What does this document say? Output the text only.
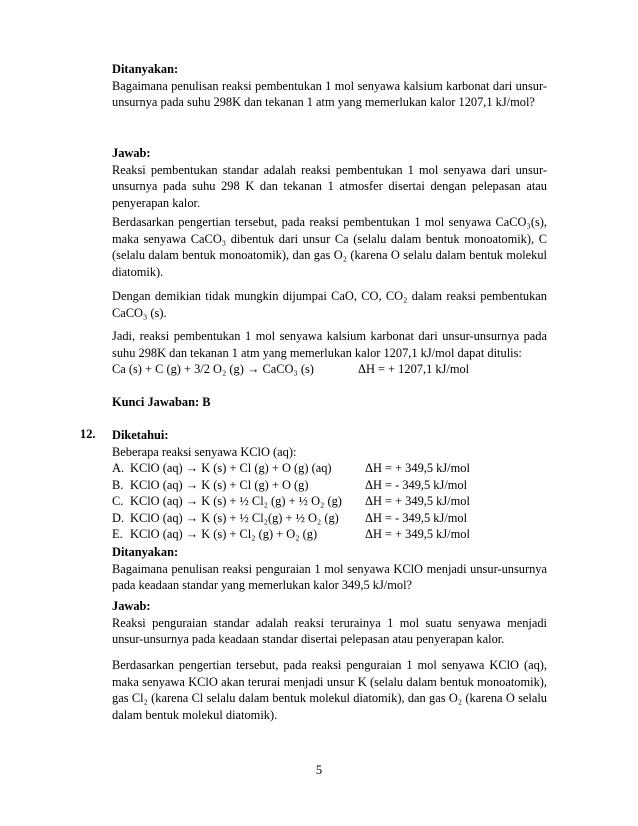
Ditanyakan:
Bagaimana penulisan reaksi pembentukan 1 mol senyawa kalsium karbonat dari unsur-unsurnya pada suhu 298K dan tekanan 1 atm yang memerlukan kalor 1207,1 kJ/mol?
Jawab:
Reaksi pembentukan standar adalah reaksi pembentukan 1 mol senyawa dari unsur-unsurnya pada suhu 298 K dan tekanan 1 atmosfer disertai dengan pelepasan atau penyerapan kalor.
Berdasarkan pengertian tersebut, pada reaksi pembentukan 1 mol senyawa CaCO₃(s), maka senyawa CaCO₃ dibentuk dari unsur Ca (selalu dalam bentuk monoatomik), C (selalu dalam bentuk monoatomik), dan gas O₂ (karena O selalu dalam bentuk molekul diatomik).
Dengan demikian tidak mungkin dijumpai CaO, CO, CO₂ dalam reaksi pembentukan CaCO₃ (s).
Jadi, reaksi pembentukan 1 mol senyawa kalsium karbonat dari unsur-unsurnya pada suhu 298K dan tekanan 1 atm yang memerlukan kalor 1207,1 kJ/mol dapat ditulis:
Ca (s) + C (g) + 3/2 O₂ (g) → CaCO₃ (s)	ΔH = + 1207,1 kJ/mol
Kunci Jawaban: B
12. Diketahui:
Beberapa reaksi senyawa KClO (aq):
A. KClO (aq) → K (s) + Cl (g) + O (g) (aq)	ΔH = + 349,5 kJ/mol
B. KClO (aq) → K (s) + Cl (g) + O (g)	ΔH = - 349,5 kJ/mol
C. KClO (aq) → K (s) + ½ Cl₂ (g) + ½ O₂ (g)	ΔH = + 349,5 kJ/mol
D. KClO (aq) → K (s) + ½ Cl₂(g) + ½ O₂ (g)	ΔH = - 349,5 kJ/mol
E. KClO (aq) → K (s) + Cl₂ (g) + O₂ (g)	ΔH = + 349,5 kJ/mol
Ditanyakan:
Bagaimana penulisan reaksi penguraian 1 mol senyawa KClO menjadi unsur-unsurnya pada keadaan standar yang memerlukan kalor 349,5 kJ/mol?
Jawab:
Reaksi penguraian standar adalah reaksi terurainya 1 mol suatu senyawa menjadi unsur-unsurnya pada keadaan standar disertai pelepasan atau penyerapan kalor.
Berdasarkan pengertian tersebut, pada reaksi penguraian 1 mol senyawa KClO (aq), maka senyawa KClO akan terurai menjadi unsur K (selalu dalam bentuk monoatomik), gas Cl₂ (karena Cl selalu dalam bentuk molekul diatomik), dan gas O₂ (karena O selalu dalam bentuk molekul diatomik).
5
